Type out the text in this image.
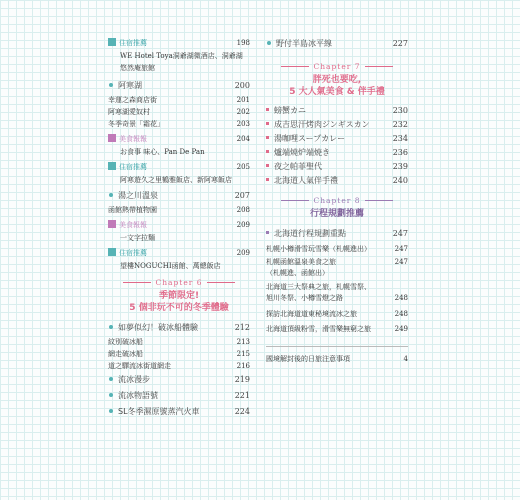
住宿推薦	198
WE Hotel Toya洞爺湖微酒店、洞爺湖
悠然庵旅館
阿寒湖	200
幸運之森商店街	201
阿寒湖愛奴村	202
冬季奇景「霜花」	203
美食報報	204
お食事 味心、Pan De Pan
住宿推薦	205
阿寒遊久之里鶴雅飯店、新阿寒飯店
湯之川溫泉	207
函館熱帶植物園	208
美食報報	209
一文字拉麵
住宿推薦	209
望樓NOGUCHI函館、萬總飯店
Chapter 6
季節限定!
5 個非玩不可的冬季體驗
如夢似幻！破冰船體驗	212
紋別破冰船	213
網走破冰船	215
道之驛流冰街道網走	216
流冰漫步	219
流冰物語號	221
SL冬季濕原號蒸汽火車	224
野付半島冰平線	227
Chapter 7
胖死也要吃,
5 大人氣美食 & 伴手禮
螃蟹カニ	230
成吉思汗烤肉ジンギスカン	232
湯咖哩スープカレー	234
爐端燒炉端焼き	236
夜之帕菲聖代	239
北海道人氣伴手禮	240
Chapter 8
行程規劃推薦
北海道行程規劃重點	247
札幌小樽滑雪玩雪樂（札幌進出）	247
札幌函館溫泉美食之旅	247
（札幌進、函館出）
北海道三大祭典之旅，札幌雪祭、
旭川冬祭、小樽雪燈之路	248
探訪北海道道東秘境流冰之旅	248
北海道頂級粉雪，滑雪樂無窮之旅	249
國境解封後的日旅注意事項	4
